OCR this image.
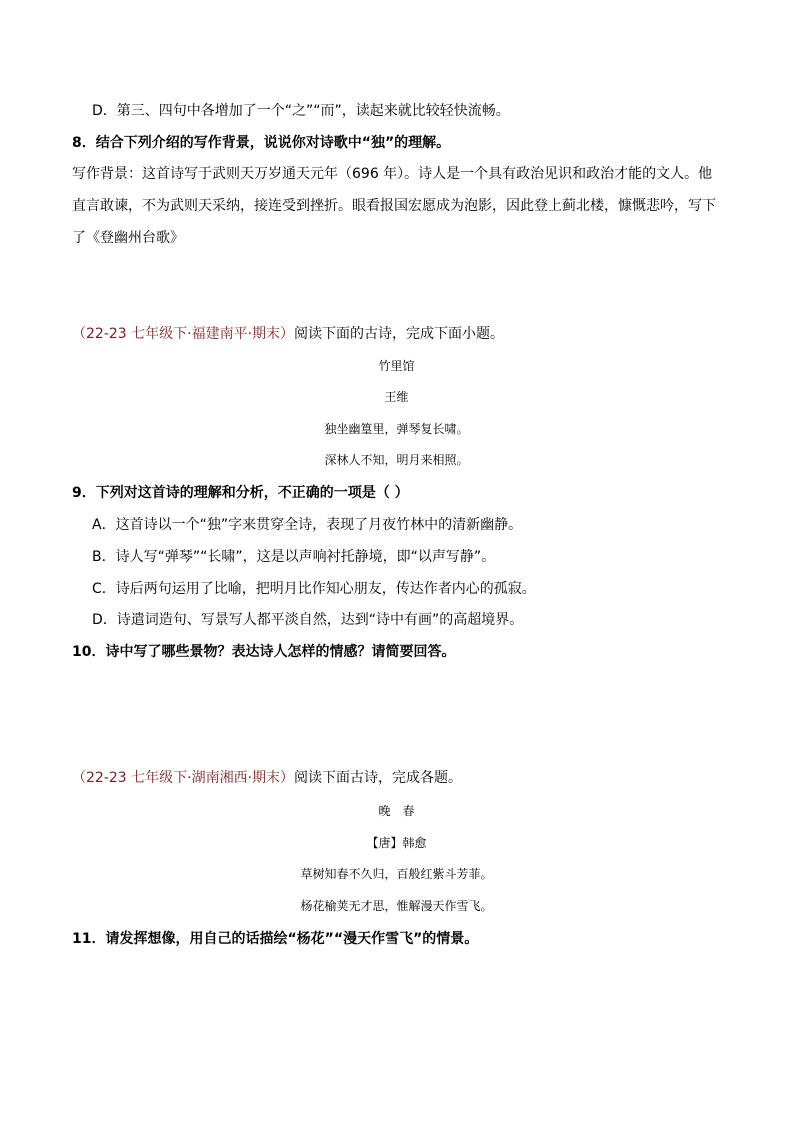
D．第三、四句中各增加了一个“之”“而”，读起来就比较轻快流畅。
8．结合下列介绍的写作背景，说说你对诗歌中“独”的理解。
写作背景：这首诗写于武则天万岁通天元年（696 年）。诗人是一个具有政治见识和政治才能的文人。他直言敢谏，不为武则天采纳，接连受到挫折。眼看报国宏愿成为泡影，因此登上蓟北楼，慷慨悲吟，写下了《登幽州台歌》
（22-23 七年级下·福建南平·期末）阅读下面的古诗，完成下面小题。
竹里馆
王维
独坐幽篁里，弹琴复长啸。
深林人不知，明月来相照。
9．下列对这首诗的理解和分析，不正确的一项是（ ）
A．这首诗以一个“独”字来贯穿全诗，表现了月夜竹林中的清新幽静。
B．诗人写“弹琴”“长啸”，这是以声响衬托静境，即“以声写静”。
C．诗后两句运用了比喻，把明月比作知心朋友，传达作者内心的孤寂。
D．诗遣词造句、写景写人都平淡自然，达到“诗中有画”的高超境界。
10．诗中写了哪些景物？表达诗人怎样的情感？请简要回答。
（22-23 七年级下·湖南湘西·期末）阅读下面古诗，完成各题。
晚　春
【唐】韩愈
草树知春不久归，百般红紫斗芳菲。
杨花榆荚无才思，惟解漫天作雪飞。
11．请发挥想像，用自己的话描绘“杨花”“漫天作雪飞”的情景。
